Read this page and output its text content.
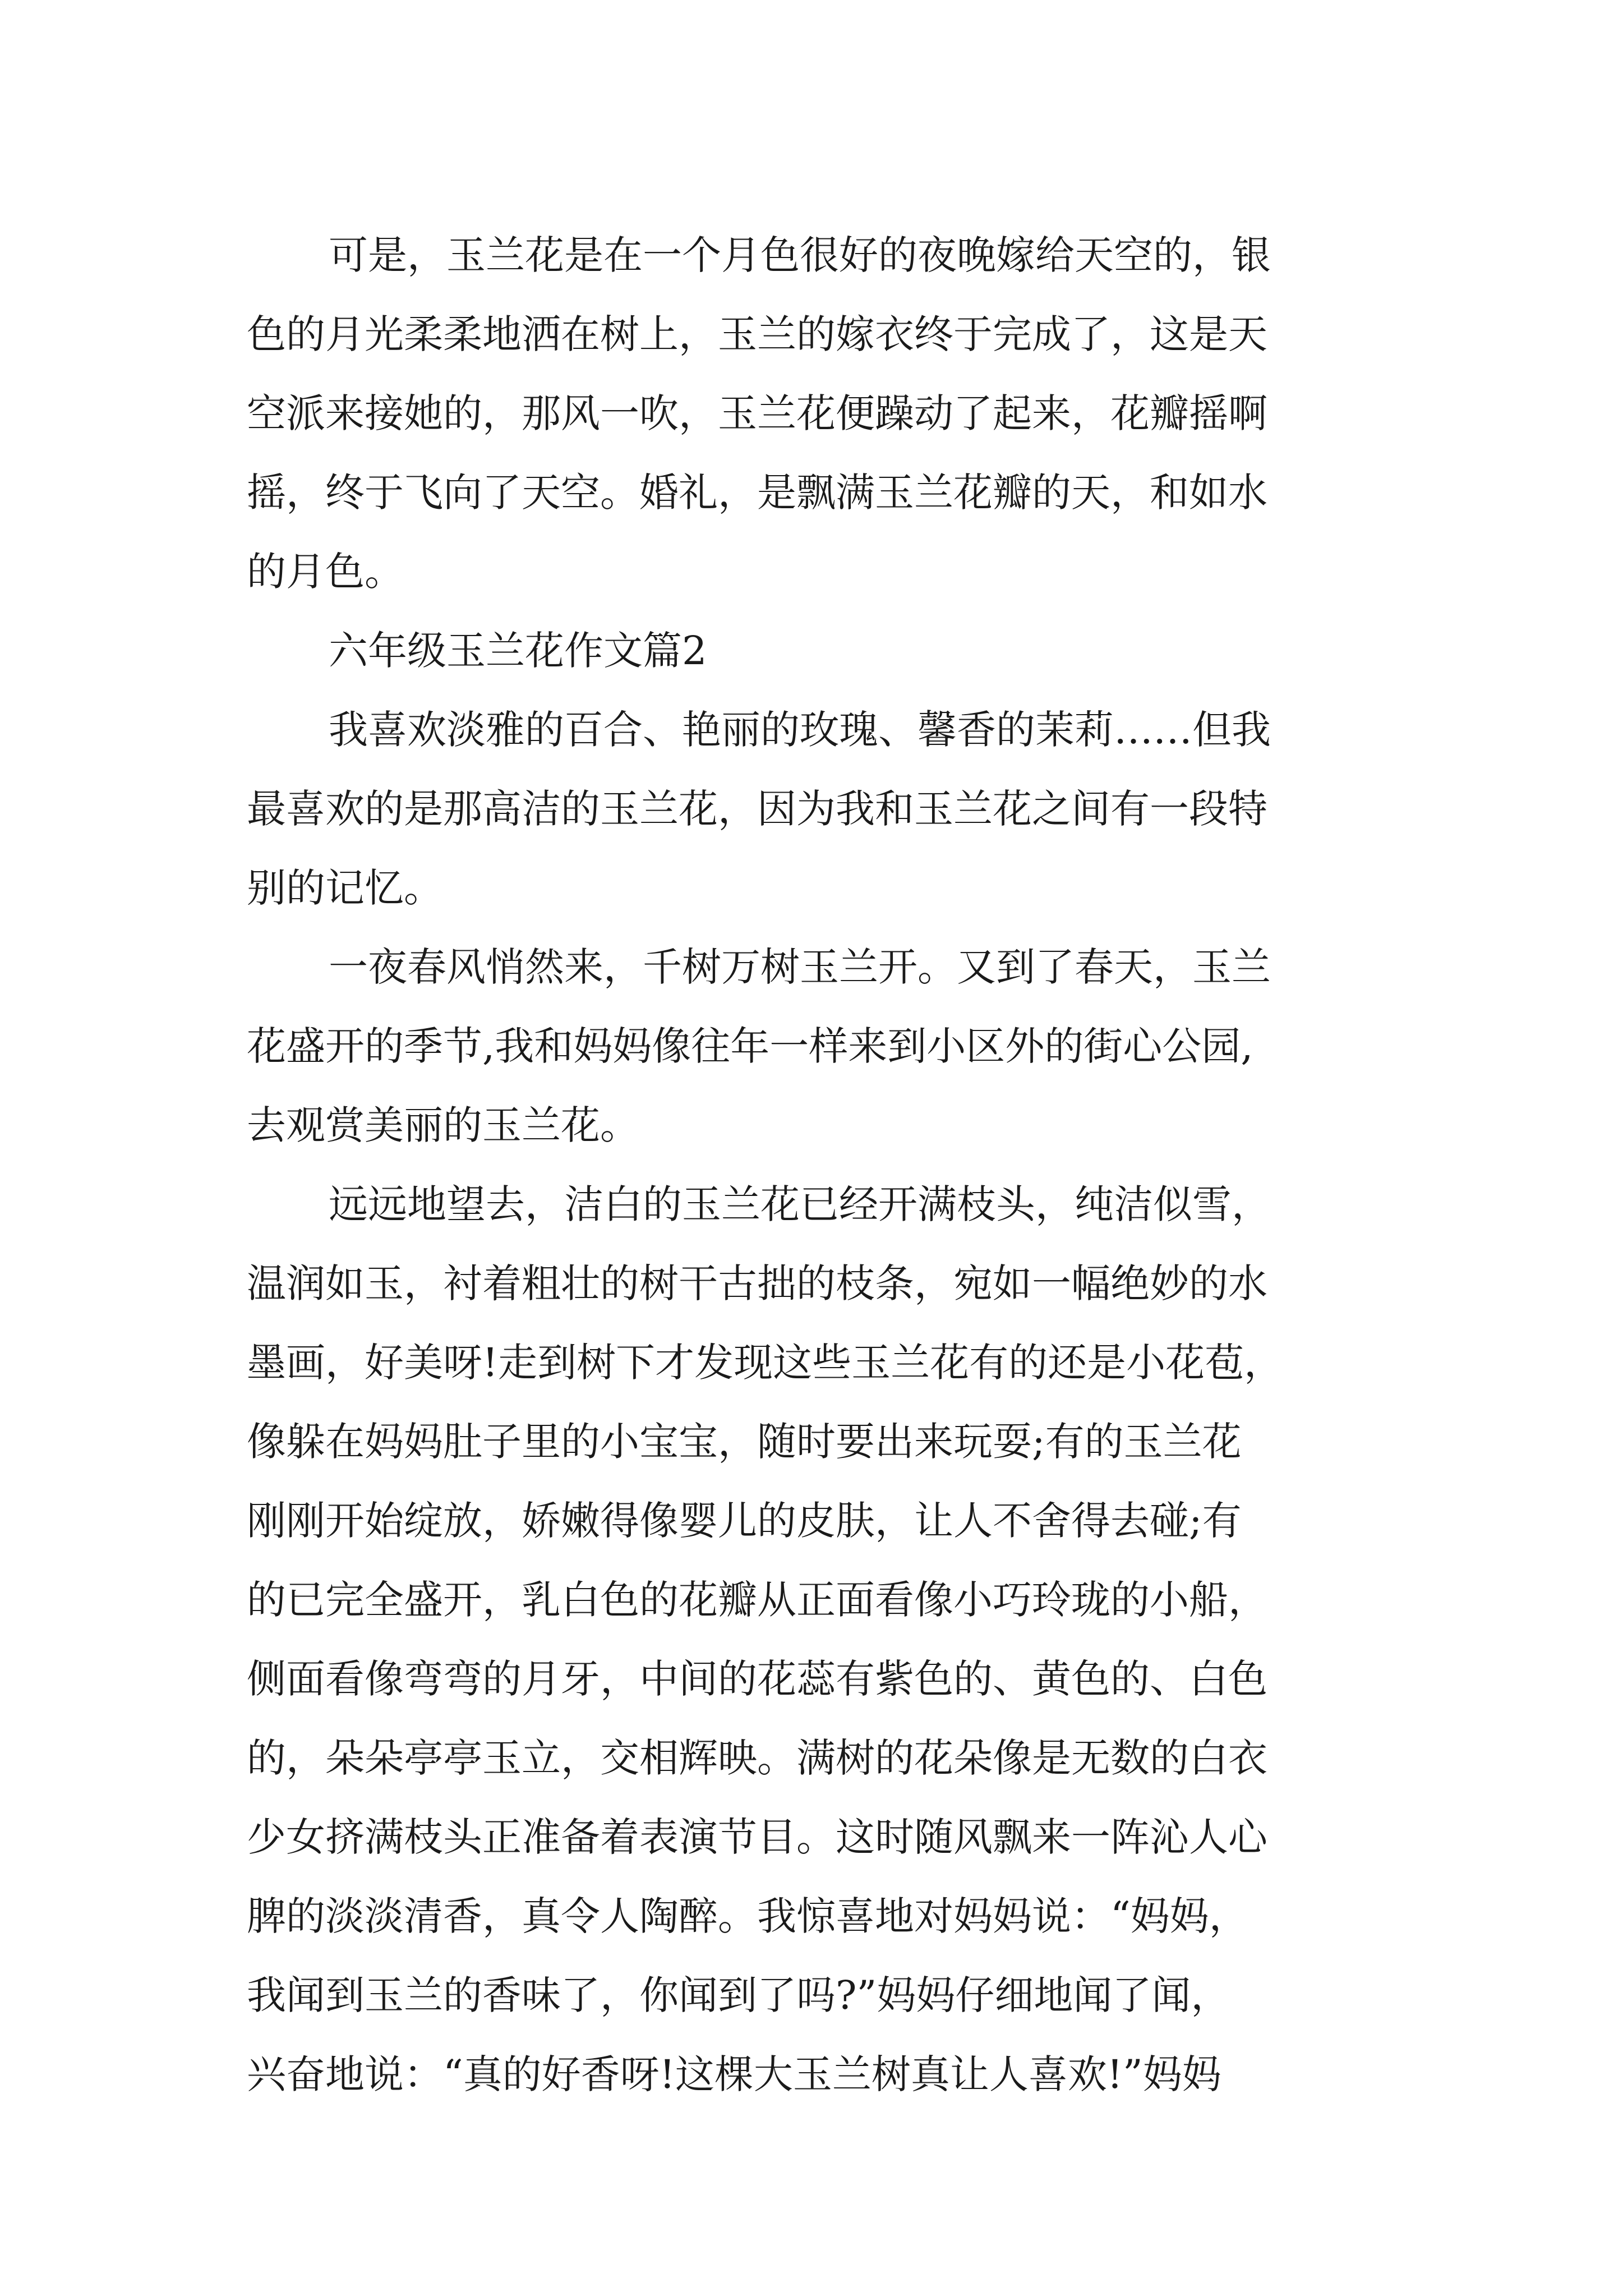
可是，玉兰花是在一个月色很好的夜晚嫁给天空的，银
色的月光柔柔地洒在树上，玉兰的嫁衣终于完成了，这是天
空派来接她的，那风一吹，玉兰花便躁动了起来，花瓣摇啊
摇，终于飞向了天空。婚礼，是飘满玉兰花瓣的天，和如水
的月色。
六年级玉兰花作文篇2
我喜欢淡雅的百合、艳丽的玫瑰、馨香的茉莉……但我
最喜欢的是那高洁的玉兰花，因为我和玉兰花之间有一段特
别的记忆。
一夜春风悄然来，千树万树玉兰开。又到了春天，玉兰
花盛开的季节,我和妈妈像往年一样来到小区外的街心公园,
去观赏美丽的玉兰花。
远远地望去，洁白的玉兰花已经开满枝头，纯洁似雪，
温润如玉，衬着粗壮的树干古拙的枝条，宛如一幅绝妙的水
墨画，好美呀!走到树下才发现这些玉兰花有的还是小花苞，
像躲在妈妈肚子里的小宝宝，随时要出来玩耍;有的玉兰花
刚刚开始绽放，娇嫩得像婴儿的皮肤，让人不舍得去碰;有
的已完全盛开，乳白色的花瓣从正面看像小巧玲珑的小船，
侧面看像弯弯的月牙，中间的花蕊有紫色的、黄色的、白色
的，朵朵亭亭玉立，交相辉映。满树的花朵像是无数的白衣
少女挤满枝头正准备着表演节目。这时随风飘来一阵沁人心
脾的淡淡清香，真令人陶醉。我惊喜地对妈妈说：“妈妈，
我闻到玉兰的香味了，你闻到了吗?”妈妈仔细地闻了闻，
兴奋地说：“真的好香呀!这棵大玉兰树真让人喜欢!”妈妈
